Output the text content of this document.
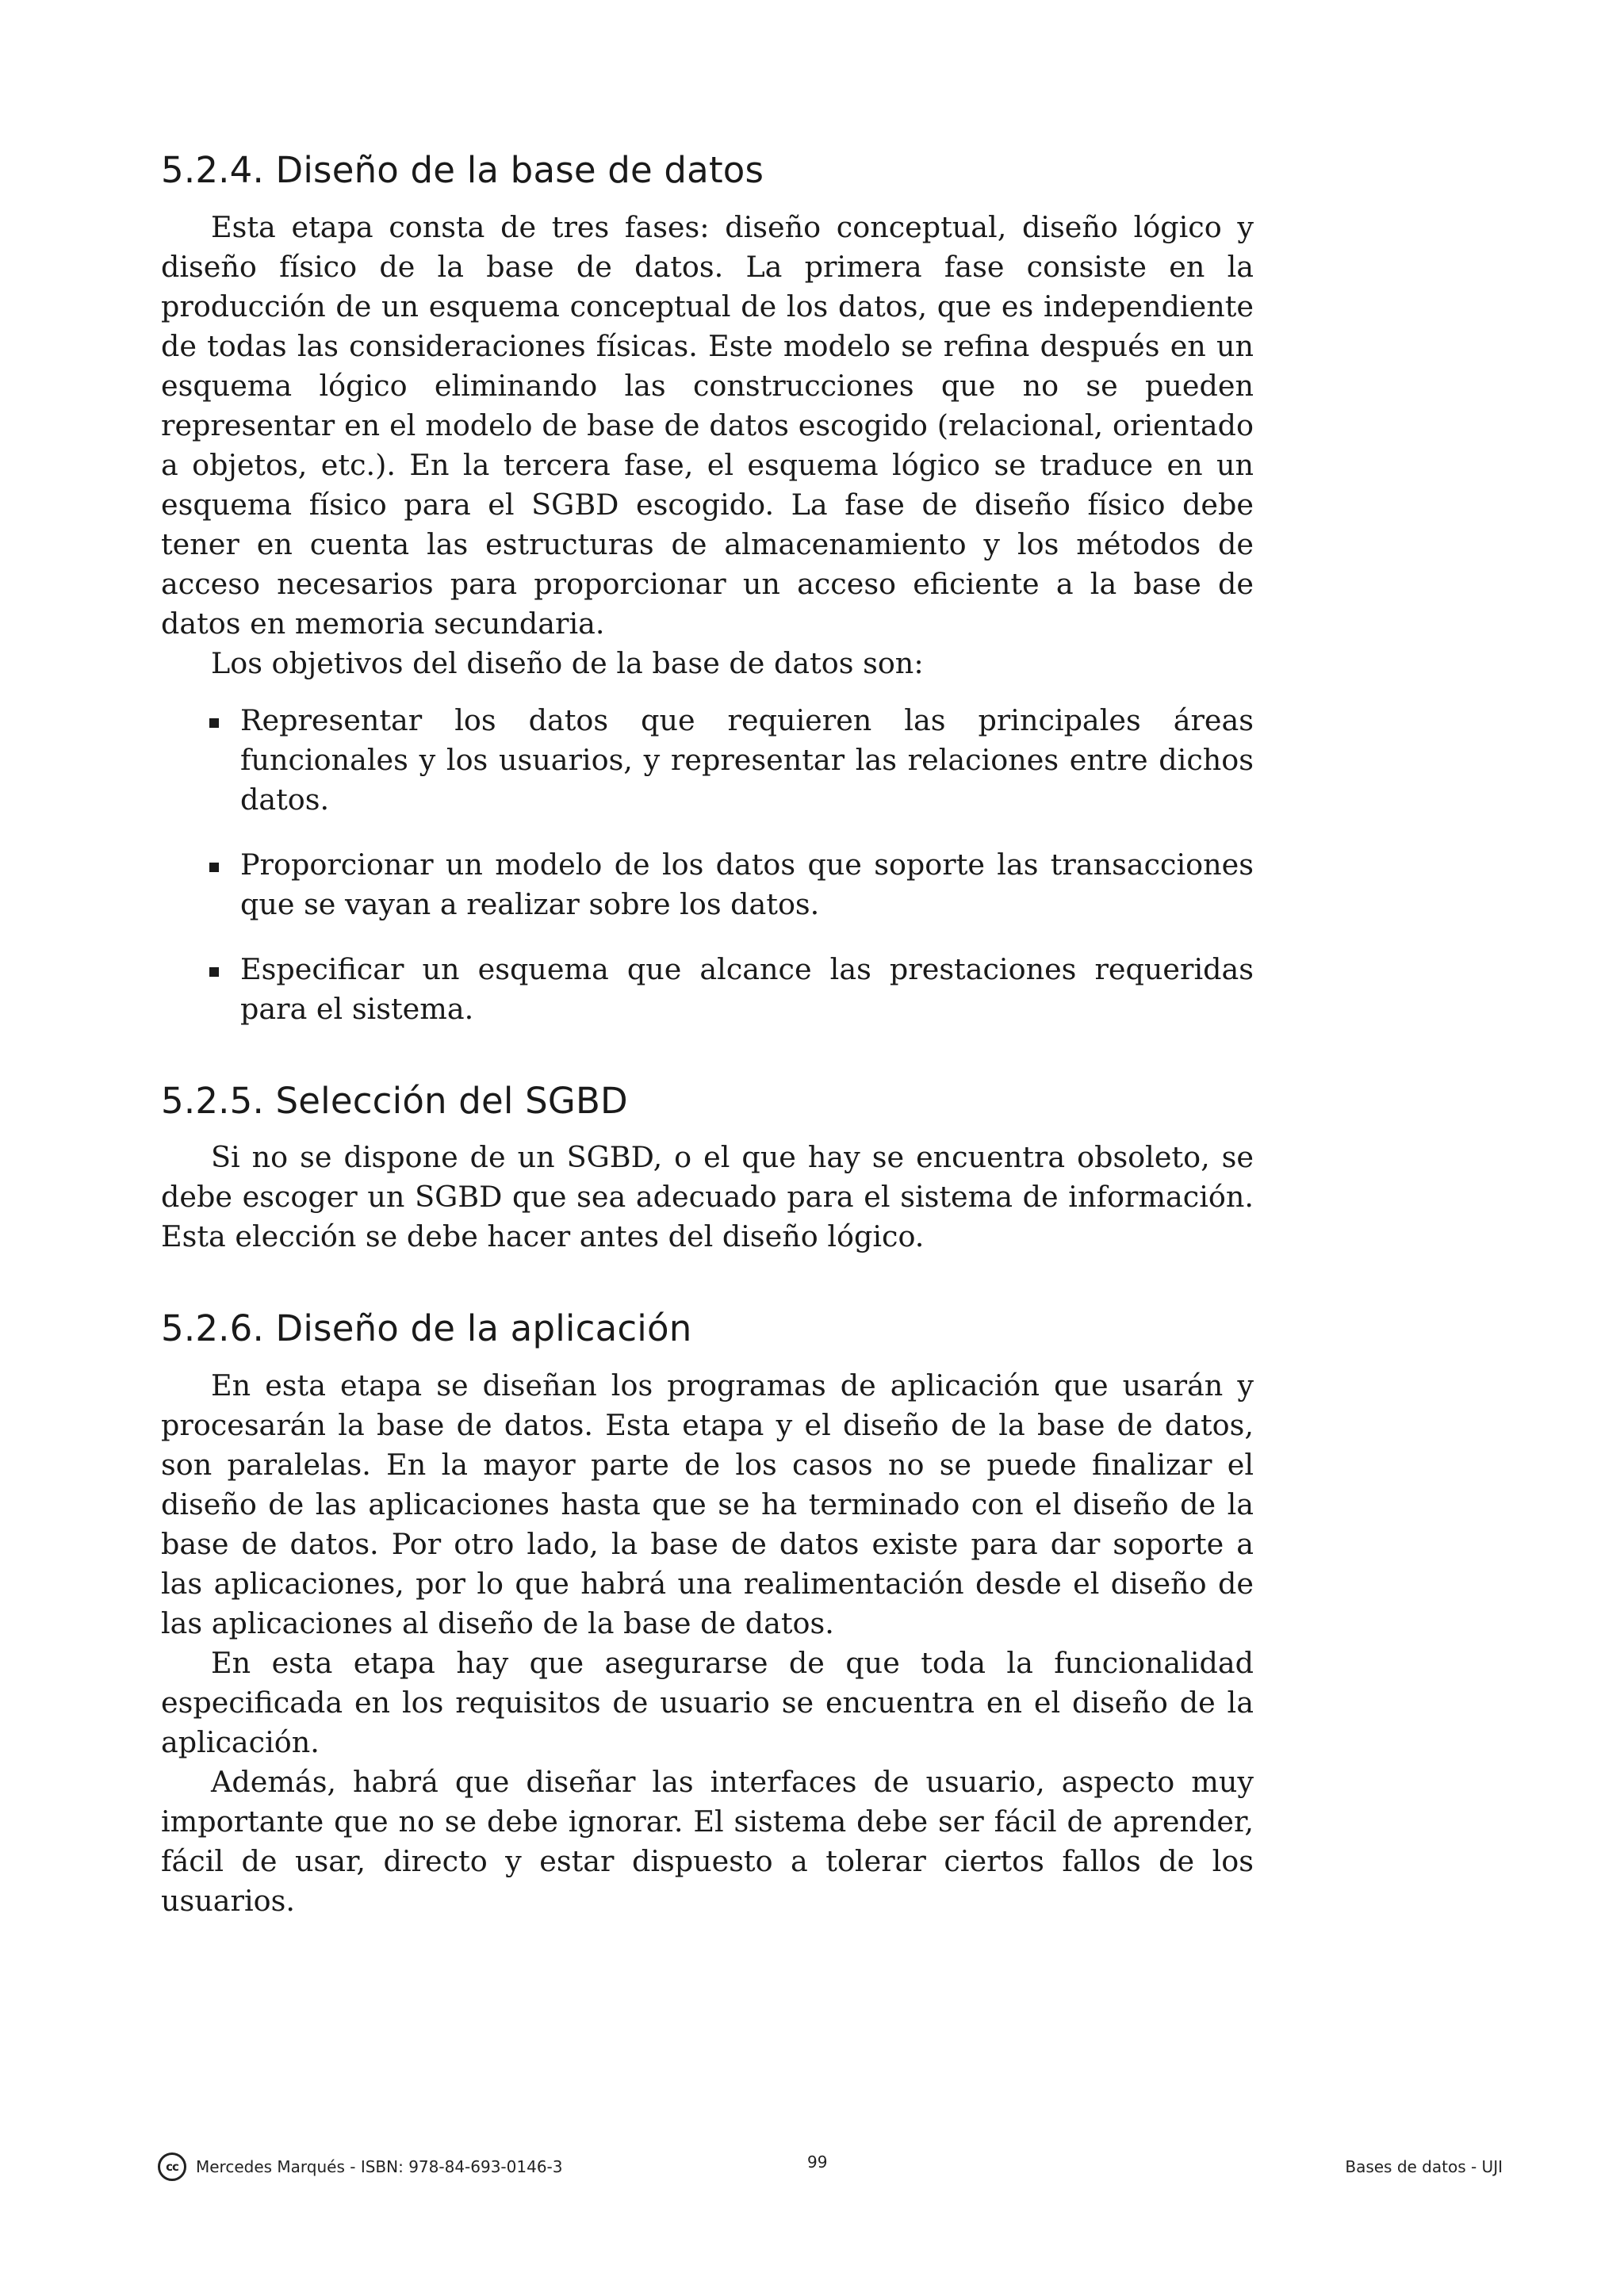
5.2.4. Diseño de la base de datos

Esta etapa consta de tres fases: diseño conceptual, diseño lógico y diseño físico de la base de datos. La primera fase consiste en la producción de un esquema conceptual de los datos, que es independiente de todas las consideraciones físicas. Este modelo se refina después en un esquema lógico eliminando las construcciones que no se pueden representar en el modelo de base de datos escogido (relacional, orientado a objetos, etc.). En la tercera fase, el esquema lógico se traduce en un esquema físico para el SGBD escogido. La fase de diseño físico debe tener en cuenta las estructuras de almacenamiento y los métodos de acceso necesarios para proporcionar un acceso eficiente a la base de datos en memoria secundaria.

Los objetivos del diseño de la base de datos son:

Representar los datos que requieren las principales áreas funcionales y los usuarios, y representar las relaciones entre dichos datos.
Proporcionar un modelo de los datos que soporte las transacciones que se vayan a realizar sobre los datos.
Especificar un esquema que alcance las prestaciones requeridas para el sistema.
5.2.5. Selección del SGBD

Si no se dispone de un SGBD, o el que hay se encuentra obsoleto, se debe escoger un SGBD que sea adecuado para el sistema de información. Esta elección se debe hacer antes del diseño lógico.

5.2.6. Diseño de la aplicación

En esta etapa se diseñan los programas de aplicación que usarán y procesarán la base de datos. Esta etapa y el diseño de la base de datos, son paralelas. En la mayor parte de los casos no se puede finalizar el diseño de las aplicaciones hasta que se ha terminado con el diseño de la base de datos. Por otro lado, la base de datos existe para dar soporte a las aplicaciones, por lo que habrá una realimentación desde el diseño de las aplicaciones al diseño de la base de datos.

En esta etapa hay que asegurarse de que toda la funcionalidad especificada en los requisitos de usuario se encuentra en el diseño de la aplicación.

Además, habrá que diseñar las interfaces de usuario, aspecto muy importante que no se debe ignorar. El sistema debe ser fácil de aprender, fácil de usar, directo y estar dispuesto a tolerar ciertos fallos de los usuarios.

cc	Mercedes Marqués - ISBN: 978-84-693-0146-3	99	Bases de datos - UJI
